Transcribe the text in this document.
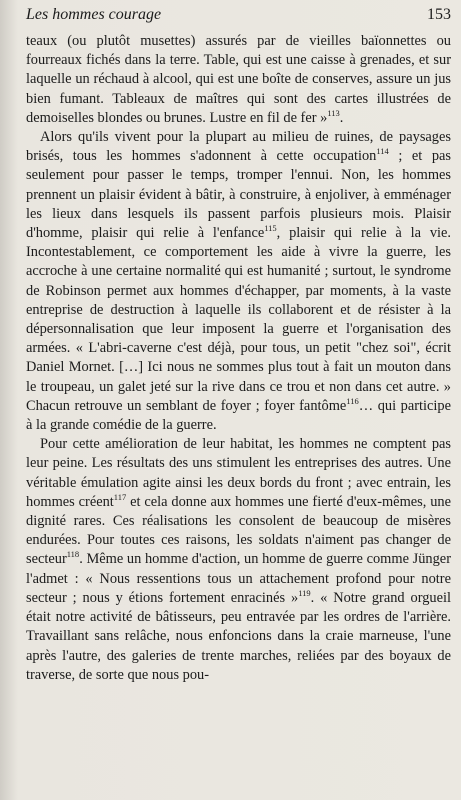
Les hommes courage	153

teaux (ou plutôt musettes) assurés par de vieilles baïonnettes ou fourreaux fichés dans la terre. Table, qui est une caisse à grenades, et sur laquelle un réchaud à alcool, qui est une boîte de conserves, assure un jus bien fumant. Tableaux de maîtres qui sont des cartes illustrées de demoiselles blondes ou brunes. Lustre en fil de fer »$^{113}$.

Alors qu'ils vivent pour la plupart au milieu de ruines, de paysages brisés, tous les hommes s'adonnent à cette occupation$^{114}$ ; et pas seulement pour passer le temps, tromper l'ennui. Non, les hommes prennent un plaisir évident à bâtir, à construire, à enjoliver, à emménager les lieux dans lesquels ils passent parfois plusieurs mois. Plaisir d'homme, plaisir qui relie à l'enfance$^{115}$, plaisir qui relie à la vie. Incontestablement, ce comportement les aide à vivre la guerre, les accroche à une certaine normalité qui est humanité ; surtout, le syndrome de Robinson permet aux hommes d'échapper, par moments, à la vaste entreprise de destruction à laquelle ils collaborent et de résister à la dépersonnalisation que leur imposent la guerre et l'organisation des armées. « L'abri-caverne c'est déjà, pour tous, un petit "chez soi", écrit Daniel Mornet. […] Ici nous ne sommes plus tout à fait un mouton dans le troupeau, un galet jeté sur la rive dans ce trou et non dans cet autre. » Chacun retrouve un semblant de foyer ; foyer fantôme$^{116}$… qui participe à la grande comédie de la guerre.

Pour cette amélioration de leur habitat, les hommes ne comptent pas leur peine. Les résultats des uns stimulent les entreprises des autres. Une véritable émulation agite ainsi les deux bords du front ; avec entrain, les hommes créent$^{117}$ et cela donne aux hommes une fierté d'eux-mêmes, une dignité rares. Ces réalisations les consolent de beaucoup de misères endurées. Pour toutes ces raisons, les soldats n'aiment pas changer de secteur$^{118}$. Même un homme d'action, un homme de guerre comme Jünger l'admet : « Nous ressentions tous un attachement profond pour notre secteur ; nous y étions fortement enracinés »$^{119}$. « Notre grand orgueil était notre activité de bâtisseurs, peu entravée par les ordres de l'arrière. Travaillant sans relâche, nous enfoncions dans la craie marneuse, l'une après l'autre, des galeries de trente marches, reliées par des boyaux de traverse, de sorte que nous pou-
